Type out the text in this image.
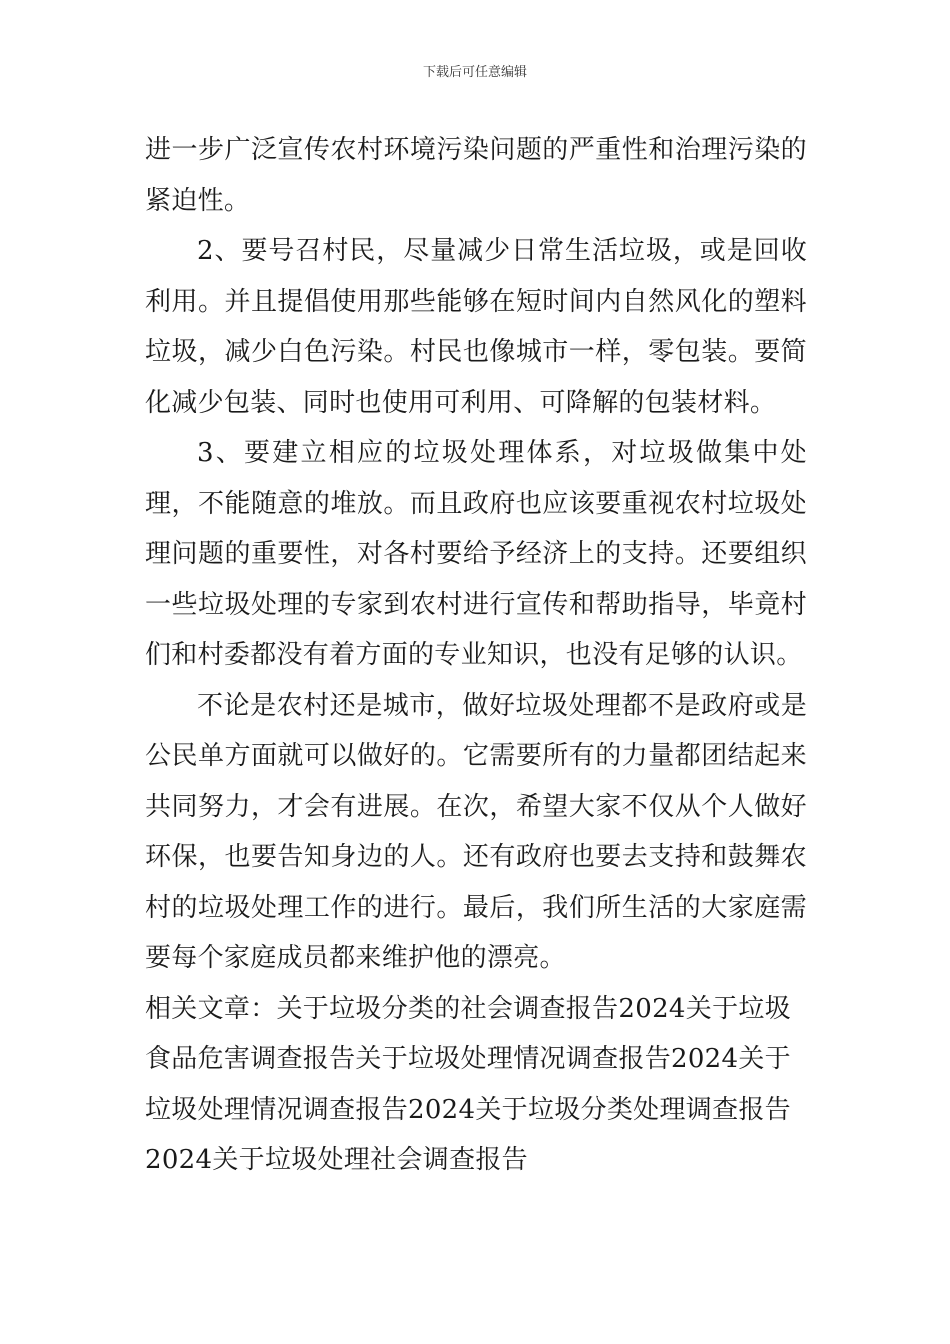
下载后可任意编辑

进一步广泛宣传农村环境污染问题的严重性和治理污染的紧迫性。

2、要号召村民，尽量减少日常生活垃圾，或是回收利用。并且提倡使用那些能够在短时间内自然风化的塑料垃圾，减少白色污染。村民也像城市一样，零包装。要简化减少包装、同时也使用可利用、可降解的包装材料。

3、要建立相应的垃圾处理体系，对垃圾做集中处理，不能随意的堆放。而且政府也应该要重视农村垃圾处理问题的重要性，对各村要给予经济上的支持。还要组织一些垃圾处理的专家到农村进行宣传和帮助指导，毕竟村们和村委都没有着方面的专业知识，也没有足够的认识。

不论是农村还是城市，做好垃圾处理都不是政府或是公民单方面就可以做好的。它需要所有的力量都团结起来共同努力，才会有进展。在次，希望大家不仅从个人做好环保，也要告知身边的人。还有政府也要去支持和鼓舞农村的垃圾处理工作的进行。最后，我们所生活的大家庭需要每个家庭成员都来维护他的漂亮。

相关文章：关于垃圾分类的社会调查报告2024关于垃圾食品危害调查报告关于垃圾处理情况调查报告2024关于垃圾处理情况调查报告2024关于垃圾分类处理调查报告

2024关于垃圾处理社会调查报告
